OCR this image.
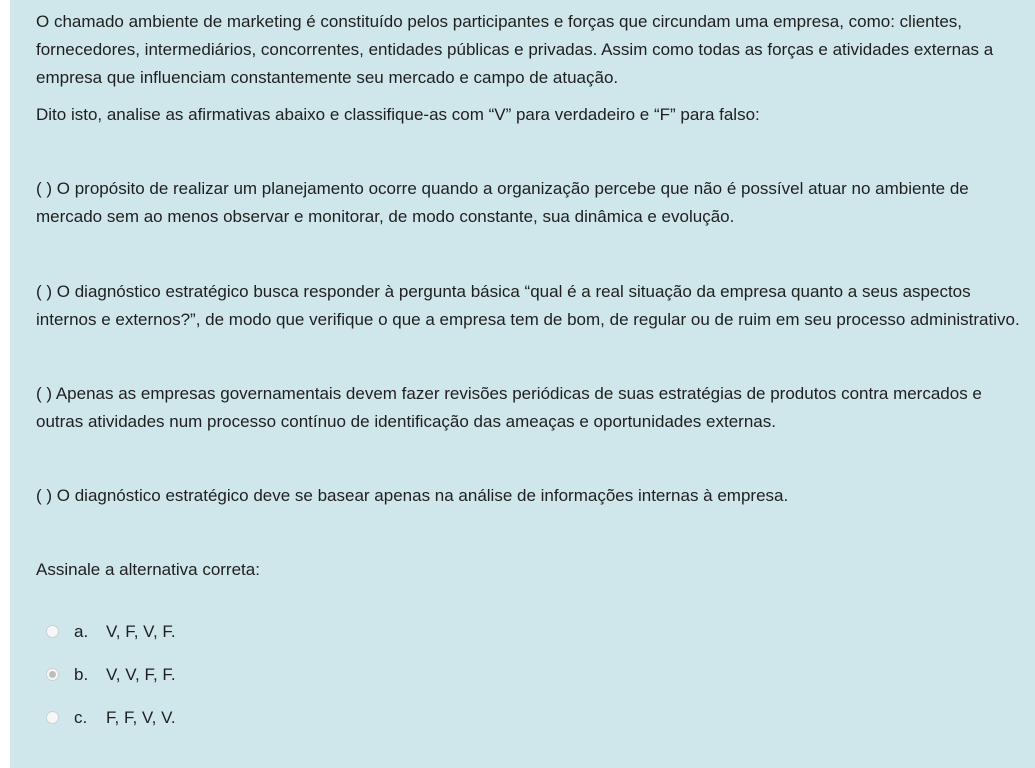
O chamado ambiente de marketing é constituído pelos participantes e forças que circundam uma empresa, como: clientes, fornecedores, intermediários, concorrentes, entidades públicas e privadas. Assim como todas as forças e atividades externas a empresa que influenciam constantemente seu mercado e campo de atuação.

Dito isto, analise as afirmativas abaixo e classifique-as com “V” para verdadeiro e “F” para falso:

( ) O propósito de realizar um planejamento ocorre quando a organização percebe que não é possível atuar no ambiente de mercado sem ao menos observar e monitorar, de modo constante, sua dinâmica e evolução.

( ) O diagnóstico estratégico busca responder à pergunta básica “qual é a real situação da empresa quanto a seus aspectos internos e externos?”, de modo que verifique o que a empresa tem de bom, de regular ou de ruim em seu processo administrativo.

( ) Apenas as empresas governamentais devem fazer revisões periódicas de suas estratégias de produtos contra mercados e outras atividades num processo contínuo de identificação das ameaças e oportunidades externas.

( ) O diagnóstico estratégico deve se basear apenas na análise de informações internas à empresa.

Assinale a alternativa correta:

a. V, F, V, F.
b. V, V, F, F.
c. F, F, V, V.
